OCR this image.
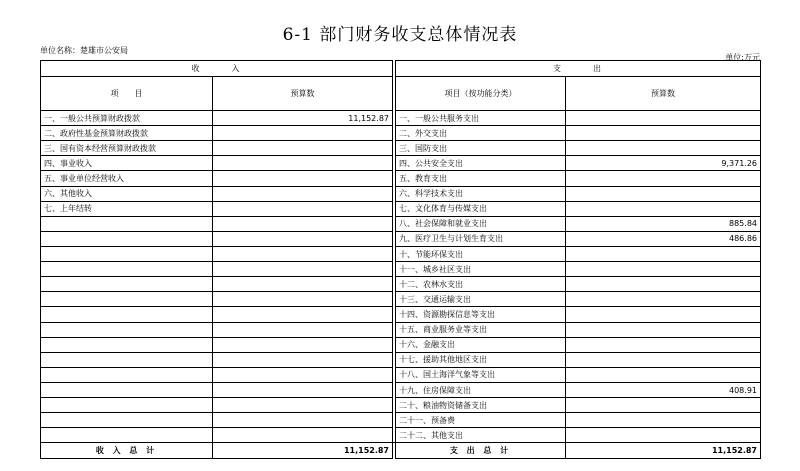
6-1 部门财务收支总体情况表
单位名称：楚雄市公安局
单位:万元
收　　　入			支　　　出	
项　　目	预算数		项目（按功能分类）	预算数
一、一般公共预算财政拨款	11,152.87		一、一般公共服务支出	
二、政府性基金预算财政拨款			二、外交支出	
三、国有资本经营预算财政拨款			三、国防支出	
四、事业收入			四、公共安全支出	9,371.26
五、事业单位经营收入			五、教育支出	
六、其他收入			六、科学技术支出	
七、上年结转			七、文化体育与传媒支出	
			八、社会保障和就业支出	885.84
			九、医疗卫生与计划生育支出	486.86
			十、节能环保支出	
			十一、城乡社区支出	
			十二、农林水支出	
			十三、交通运输支出	
			十四、资源勘探信息等支出	
			十五、商业服务业等支出	
			十六、金融支出	
			十七、援助其他地区支出	
			十八、国土海洋气象等支出	
			十九、住房保障支出	408.91
			二十、粮油物资储备支出	
			二十一、预备费	
			二十二、其他支出	
收 入 总 计	11,152.87		支 出 总 计	11,152.87
